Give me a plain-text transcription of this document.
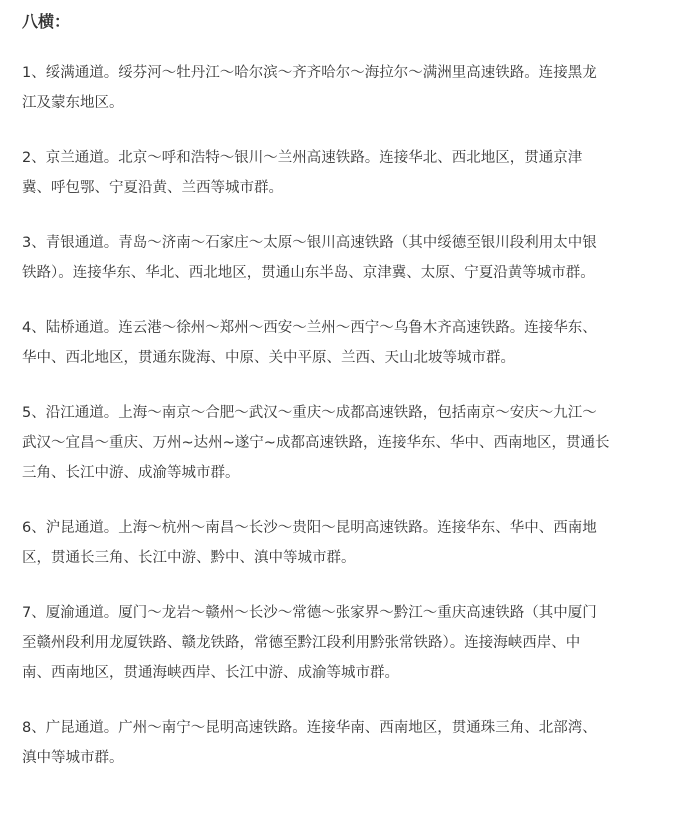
八横：
1、绥满通道。绥芬河～牡丹江～哈尔滨～齐齐哈尔～海拉尔～满洲里高速铁路。连接黑龙
江及蒙东地区。
2、京兰通道。北京～呼和浩特～银川～兰州高速铁路。连接华北、西北地区，贯通京津
冀、呼包鄂、宁夏沿黄、兰西等城市群。
3、青银通道。青岛～济南～石家庄～太原～银川高速铁路（其中绥德至银川段利用太中银
铁路）。连接华东、华北、西北地区，贯通山东半岛、京津冀、太原、宁夏沿黄等城市群。
4、陆桥通道。连云港～徐州～郑州～西安～兰州～西宁～乌鲁木齐高速铁路。连接华东、
华中、西北地区，贯通东陇海、中原、关中平原、兰西、天山北坡等城市群。
5、沿江通道。上海～南京～合肥～武汉～重庆～成都高速铁路，包括南京～安庆～九江～
武汉～宜昌～重庆、万州~达州~遂宁~成都高速铁路，连接华东、华中、西南地区，贯通长
三角、长江中游、成渝等城市群。
6、沪昆通道。上海～杭州～南昌～长沙～贵阳～昆明高速铁路。连接华东、华中、西南地
区，贯通长三角、长江中游、黔中、滇中等城市群。
7、厦渝通道。厦门～龙岩～赣州～长沙～常德～张家界～黔江～重庆高速铁路（其中厦门
至赣州段利用龙厦铁路、赣龙铁路，常德至黔江段利用黔张常铁路）。连接海峡西岸、中
南、西南地区，贯通海峡西岸、长江中游、成渝等城市群。
8、广昆通道。广州～南宁～昆明高速铁路。连接华南、西南地区，贯通珠三角、北部湾、
滇中等城市群。
